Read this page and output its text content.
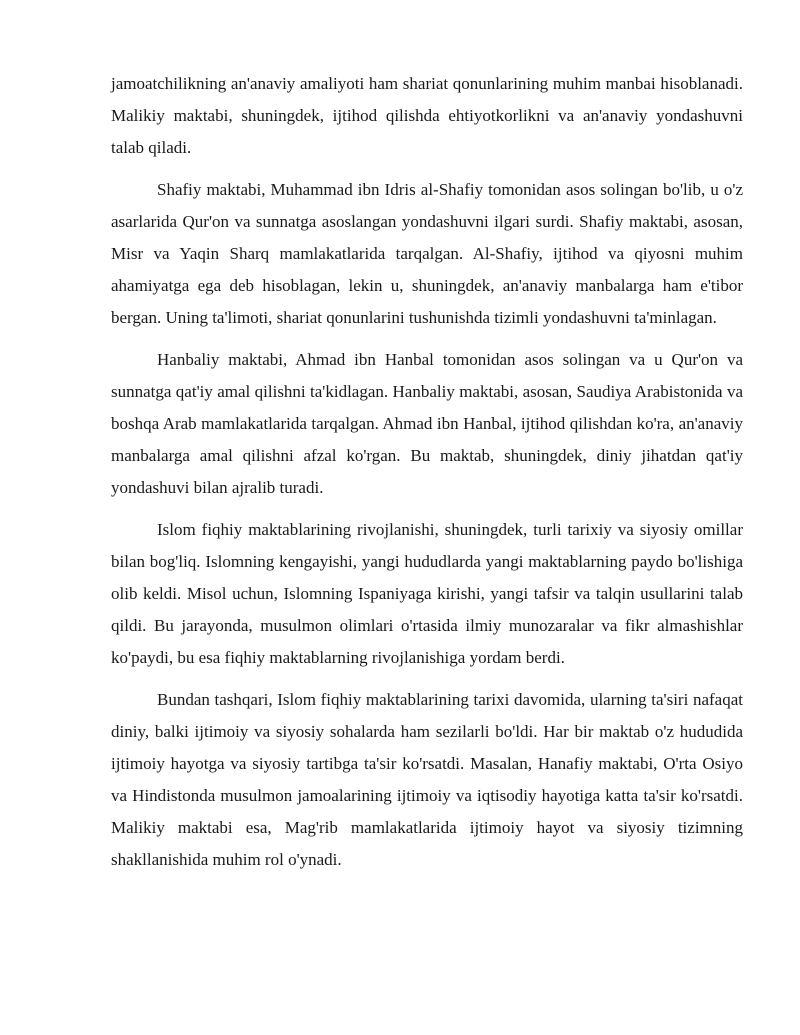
jamoatchilikning an'anaviy amaliyoti ham shariat qonunlarining muhim manbai hisoblanadi. Malikiy maktabi, shuningdek, ijtihod qilishda ehtiyotkorlikni va an'anaviy yondashuvni talab qiladi.

Shafiy maktabi, Muhammad ibn Idris al-Shafiy tomonidan asos solingan bo'lib, u o'z asarlarida Qur'on va sunnatga asoslangan yondashuvni ilgari surdi. Shafiy maktabi, asosan, Misr va Yaqin Sharq mamlakatlarida tarqalgan. Al-Shafiy, ijtihod va qiyosni muhim ahamiyatga ega deb hisoblagan, lekin u, shuningdek, an'anaviy manbalarga ham e'tibor bergan. Uning ta'limoti, shariat qonunlarini tushunishda tizimli yondashuvni ta'minlagan.

Hanbaliy maktabi, Ahmad ibn Hanbal tomonidan asos solingan va u Qur'on va sunnatga qat'iy amal qilishni ta'kidlagan. Hanbaliy maktabi, asosan, Saudiya Arabistonida va boshqa Arab mamlakatlarida tarqalgan. Ahmad ibn Hanbal, ijtihod qilishdan ko'ra, an'anaviy manbalarga amal qilishni afzal ko'rgan. Bu maktab, shuningdek, diniy jihatdan qat'iy yondashuvi bilan ajralib turadi.

Islom fiqhiy maktablarining rivojlanishi, shuningdek, turli tarixiy va siyosiy omillar bilan bog'liq. Islomning kengayishi, yangi hududlarda yangi maktablarning paydo bo'lishiga olib keldi. Misol uchun, Islomning Ispaniyaga kirishi, yangi tafsir va talqin usullarini talab qildi. Bu jarayonda, musulmon olimlari o'rtasida ilmiy munozaralar va fikr almashishlar ko'paydi, bu esa fiqhiy maktablarning rivojlanishiga yordam berdi.

Bundan tashqari, Islom fiqhiy maktablarining tarixi davomida, ularning ta'siri nafaqat diniy, balki ijtimoiy va siyosiy sohalarda ham sezilarli bo'ldi. Har bir maktab o'z hududida ijtimoiy hayotga va siyosiy tartibga ta'sir ko'rsatdi. Masalan, Hanafiy maktabi, O'rta Osiyo va Hindistonda musulmon jamoalarining ijtimoiy va iqtisodiy hayotiga katta ta'sir ko'rsatdi. Malikiy maktabi esa, Mag'rib mamlakatlarida ijtimoiy hayot va siyosiy tizimning shakllanishida muhim rol o'ynadi.
